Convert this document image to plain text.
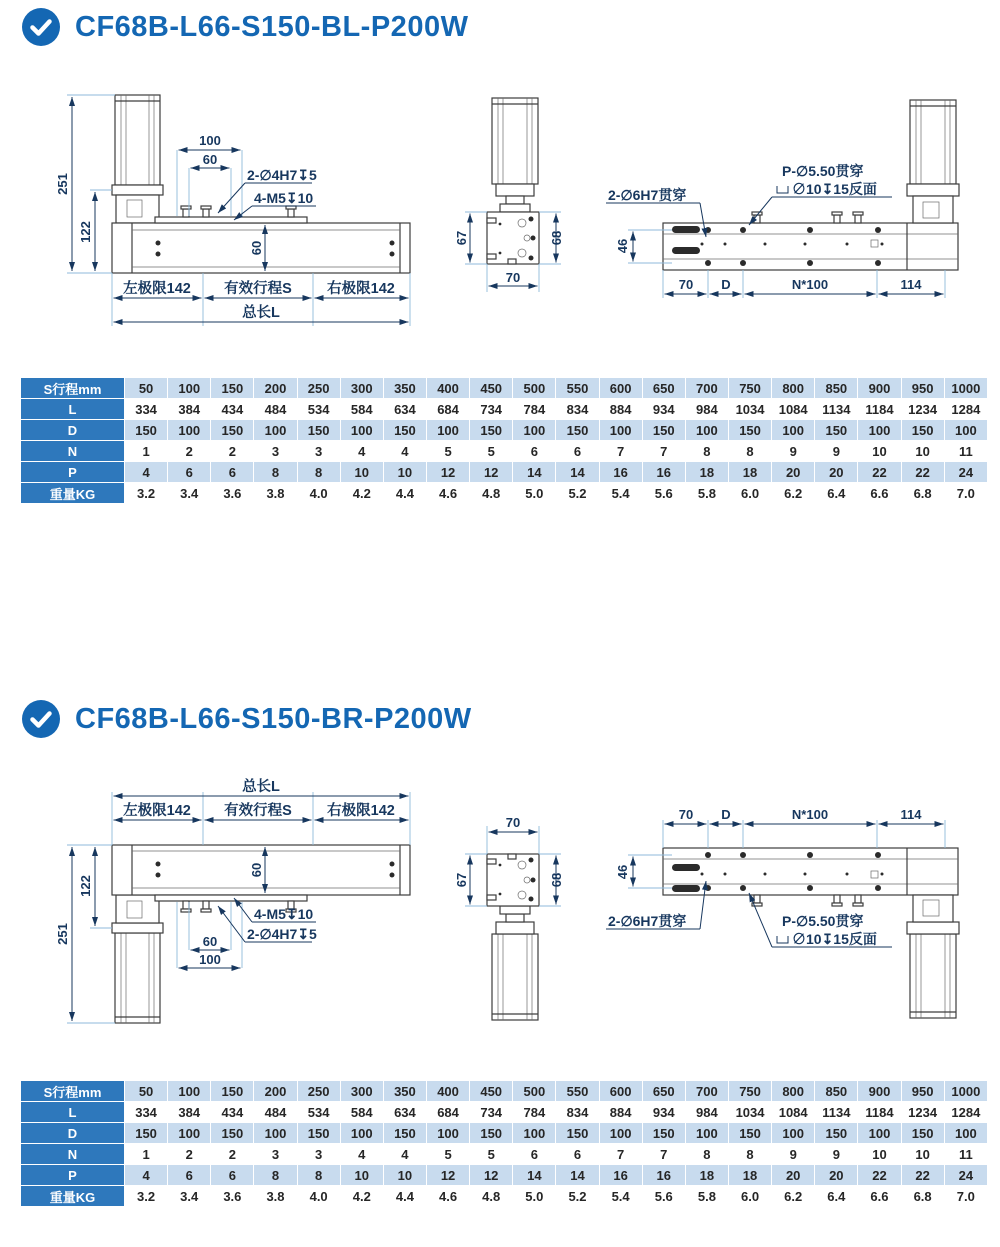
CF68B-L66-S150-BL-P200W
251
122
100
60
2-∅4H7↧5
4-M5↧10
60
左极限142 有效行程S 右极限142
总长L
67	68
70
2-∅6H7贯穿
P-∅5.50贯穿
∅10↧15反面
46
70 D	N*100	114
S行程mm	50	100	150	200	250	300	350	400	450	500	550	600	650	700	750	800	850	900	950	1000
L	334	384	434	484	534	584	634	684	734	784	834	884	934	984	1034	1084	1134	1184	1234	1284
D	150	100	150	100	150	100	150	100	150	100	150	100	150	100	150	100	150	100	150	100
N	1	2	2	3	3	4	4	5	5	6	6	7	7	8	8	9	9	10	10	11
P	4	6	6	8	8	10	10	12	12	14	14	16	16	18	18	20	20	22	22	24
重量KG	3.2	3.4	3.6	3.8	4.0	4.2	4.4	4.6	4.8	5.0	5.2	5.4	5.6	5.8	6.0	6.2	6.4	6.6	6.8	7.0
CF68B-L66-S150-BR-P200W
总长L
左极限142 有效行程S 右极限142
251
122
100
60 2-∅4H7↧5
4-M5↧10
60
67	68
70
2-∅6H7贯穿	P-∅5.50贯穿
∅10↧15反面
46
70 D	N*100	114
S行程mm	50	100	150	200	250	300	350	400	450	500	550	600	650	700	750	800	850	900	950	1000
L	334	384	434	484	534	584	634	684	734	784	834	884	934	984	1034	1084	1134	1184	1234	1284
D	150	100	150	100	150	100	150	100	150	100	150	100	150	100	150	100	150	100	150	100
N	1	2	2	3	3	4	4	5	5	6	6	7	7	8	8	9	9	10	10	11
P	4	6	6	8	8	10	10	12	12	14	14	16	16	18	18	20	20	22	22	24
重量KG	3.2	3.4	3.6	3.8	4.0	4.2	4.4	4.6	4.8	5.0	5.2	5.4	5.6	5.8	6.0	6.2	6.4	6.6	6.8	7.0
